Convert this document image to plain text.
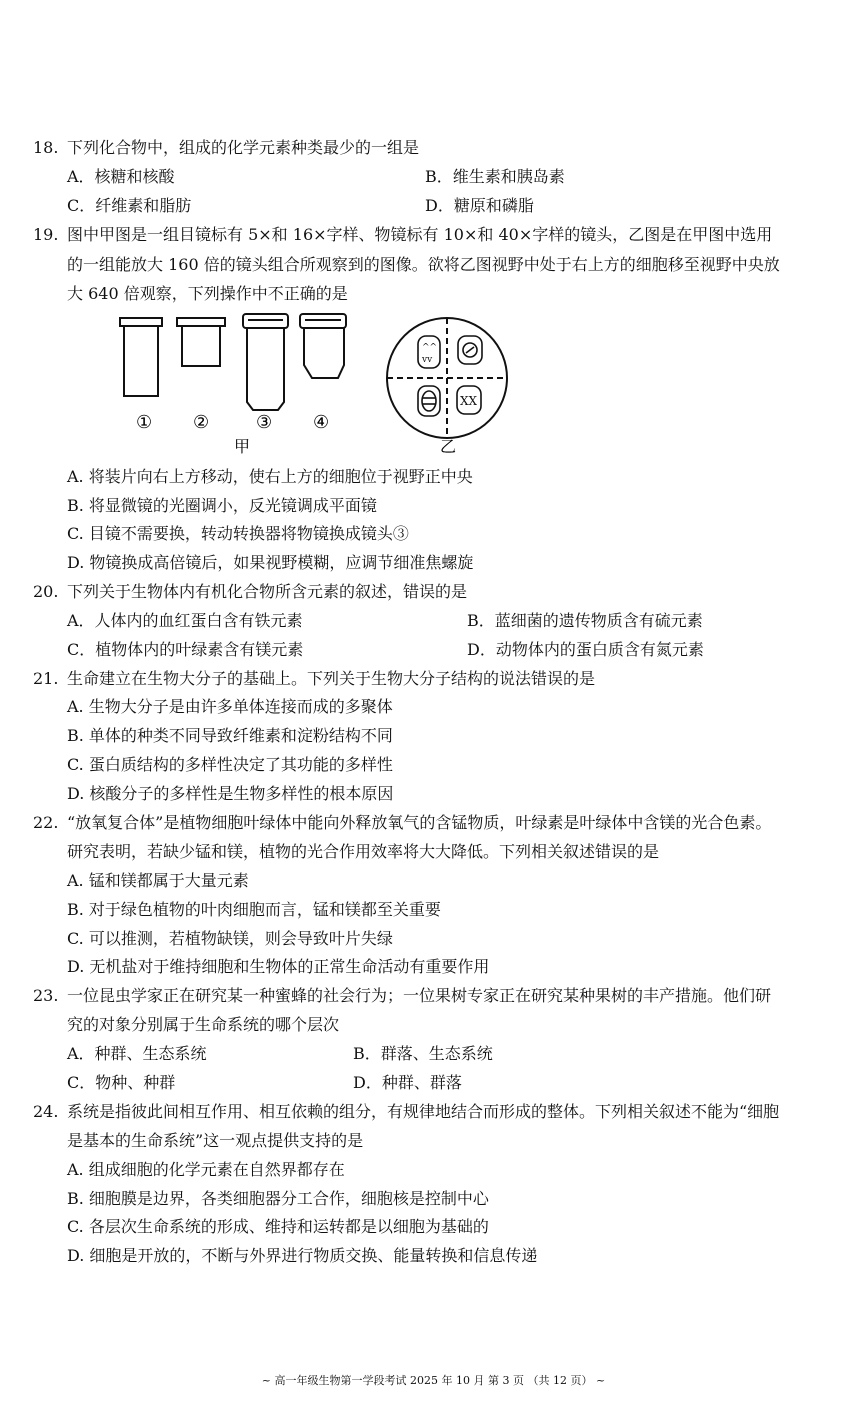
18. 下列化合物中，组成的化学元素种类最少的一组是
A．核糖和核酸	B．维生素和胰岛素
C．纤维素和脂肪	D．糖原和磷脂
19. 图中甲图是一组目镜标有 5×和 16×字样、物镜标有 10×和 40×字样的镜头，乙图是在甲图中选用
的一组能放大 160 倍的镜头组合所观察到的图像。欲将乙图视野中处于右上方的细胞移至视野中央放
大 640 倍观察，下列操作中不正确的是
① ②	③ ④
甲
^^
vv
XX
乙
A. 将装片向右上方移动，使右上方的细胞位于视野正中央
B. 将显微镜的光圈调小，反光镜调成平面镜
C. 目镜不需要换，转动转换器将物镜换成镜头③
D. 物镜换成高倍镜后，如果视野模糊，应调节细准焦螺旋
20. 下列关于生物体内有机化合物所含元素的叙述，错误的是
A．人体内的血红蛋白含有铁元素	B．蓝细菌的遗传物质含有硫元素
C．植物体内的叶绿素含有镁元素	D．动物体内的蛋白质含有氮元素
21. 生命建立在生物大分子的基础上。下列关于生物大分子结构的说法错误的是
A. 生物大分子是由许多单体连接而成的多聚体
B. 单体的种类不同导致纤维素和淀粉结构不同
C. 蛋白质结构的多样性决定了其功能的多样性
D. 核酸分子的多样性是生物多样性的根本原因
22. “放氧复合体”是植物细胞叶绿体中能向外释放氧气的含锰物质，叶绿素是叶绿体中含镁的光合色素。
研究表明，若缺少锰和镁，植物的光合作用效率将大大降低。下列相关叙述错误的是
A. 锰和镁都属于大量元素
B. 对于绿色植物的叶肉细胞而言，锰和镁都至关重要
C. 可以推测，若植物缺镁，则会导致叶片失绿
D. 无机盐对于维持细胞和生物体的正常生命活动有重要作用
23. 一位昆虫学家正在研究某一种蜜蜂的社会行为；一位果树专家正在研究某种果树的丰产措施。他们研
究的对象分别属于生命系统的哪个层次
A．种群、生态系统	B．群落、生态系统
C．物种、种群	D．种群、群落
24. 系统是指彼此间相互作用、相互依赖的组分，有规律地结合而形成的整体。下列相关叙述不能为“细胞
是基本的生命系统”这一观点提供支持的是
A. 组成细胞的化学元素在自然界都存在
B. 细胞膜是边界，各类细胞器分工合作，细胞核是控制中心
C. 各层次生命系统的形成、维持和运转都是以细胞为基础的
D. 细胞是开放的，不断与外界进行物质交换、能量转换和信息传递
~ 高一年级生物第一学段考试 2025 年 10 月 第 3 页 （共 12 页） ~
